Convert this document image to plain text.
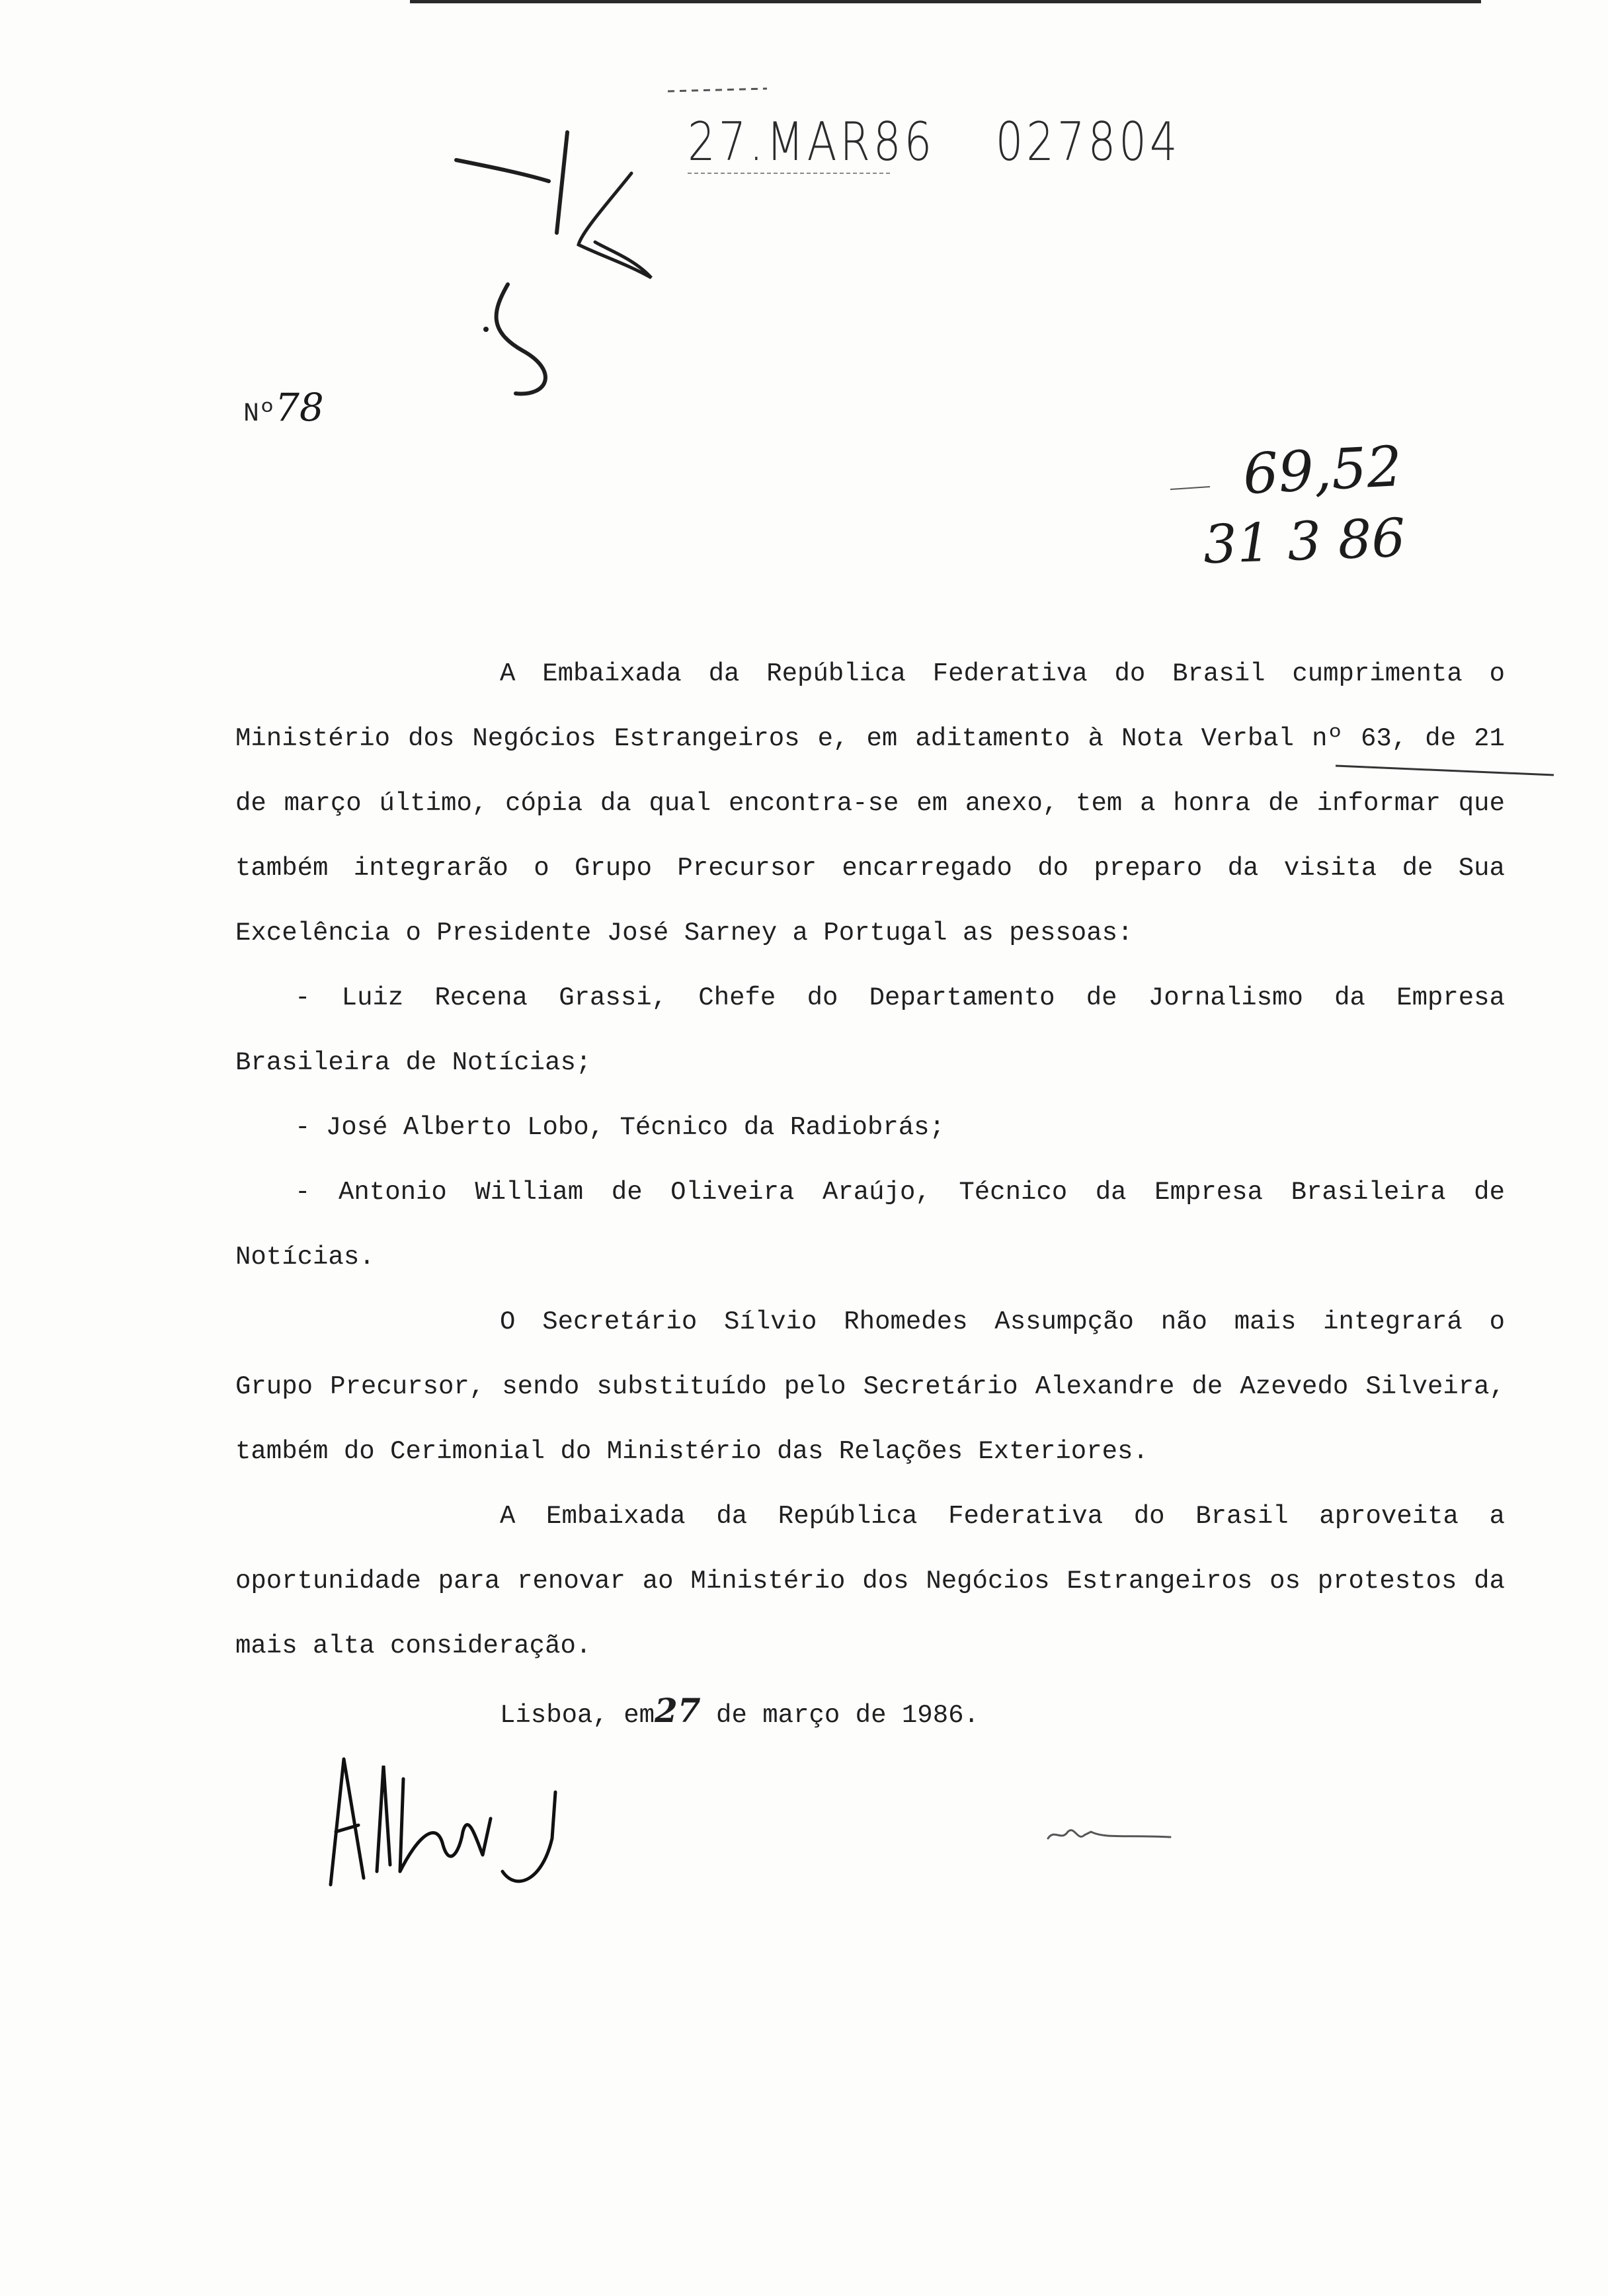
27.MAR86 027804
Nº78
69,52
31 3 86

A Embaixada da República Federativa do Brasil cumprimenta o Ministério dos Negócios Estrangeiros e, em aditamento à Nota Verbal nº 63, de 21 de março último, cópia da qual encontra-se em anexo, tem a honra de informar que também integrarão o Grupo Precursor encarregado do preparo da visita de Sua Excelência o Presidente José Sarney a Portugal as pessoas:

- Luiz Recena Grassi, Chefe do Departamento de Jornalismo da Empresa Brasileira de Notícias;

- José Alberto Lobo, Técnico da Radiobrás;

- Antonio William de Oliveira Araújo, Técnico da Empresa Brasileira de Notícias.

O Secretário Sílvio Rhomedes Assumpção não mais integrará o Grupo Precursor, sendo substituído pelo Secretário Alexandre de Azevedo Silveira, também do Cerimonial do Ministério das Relações Exteriores.

A Embaixada da República Federativa do Brasil aproveita a oportunidade para renovar ao Ministério dos Negócios Estrangeiros os protestos da mais alta consideração.

Lisboa, em27 de março de 1986.
